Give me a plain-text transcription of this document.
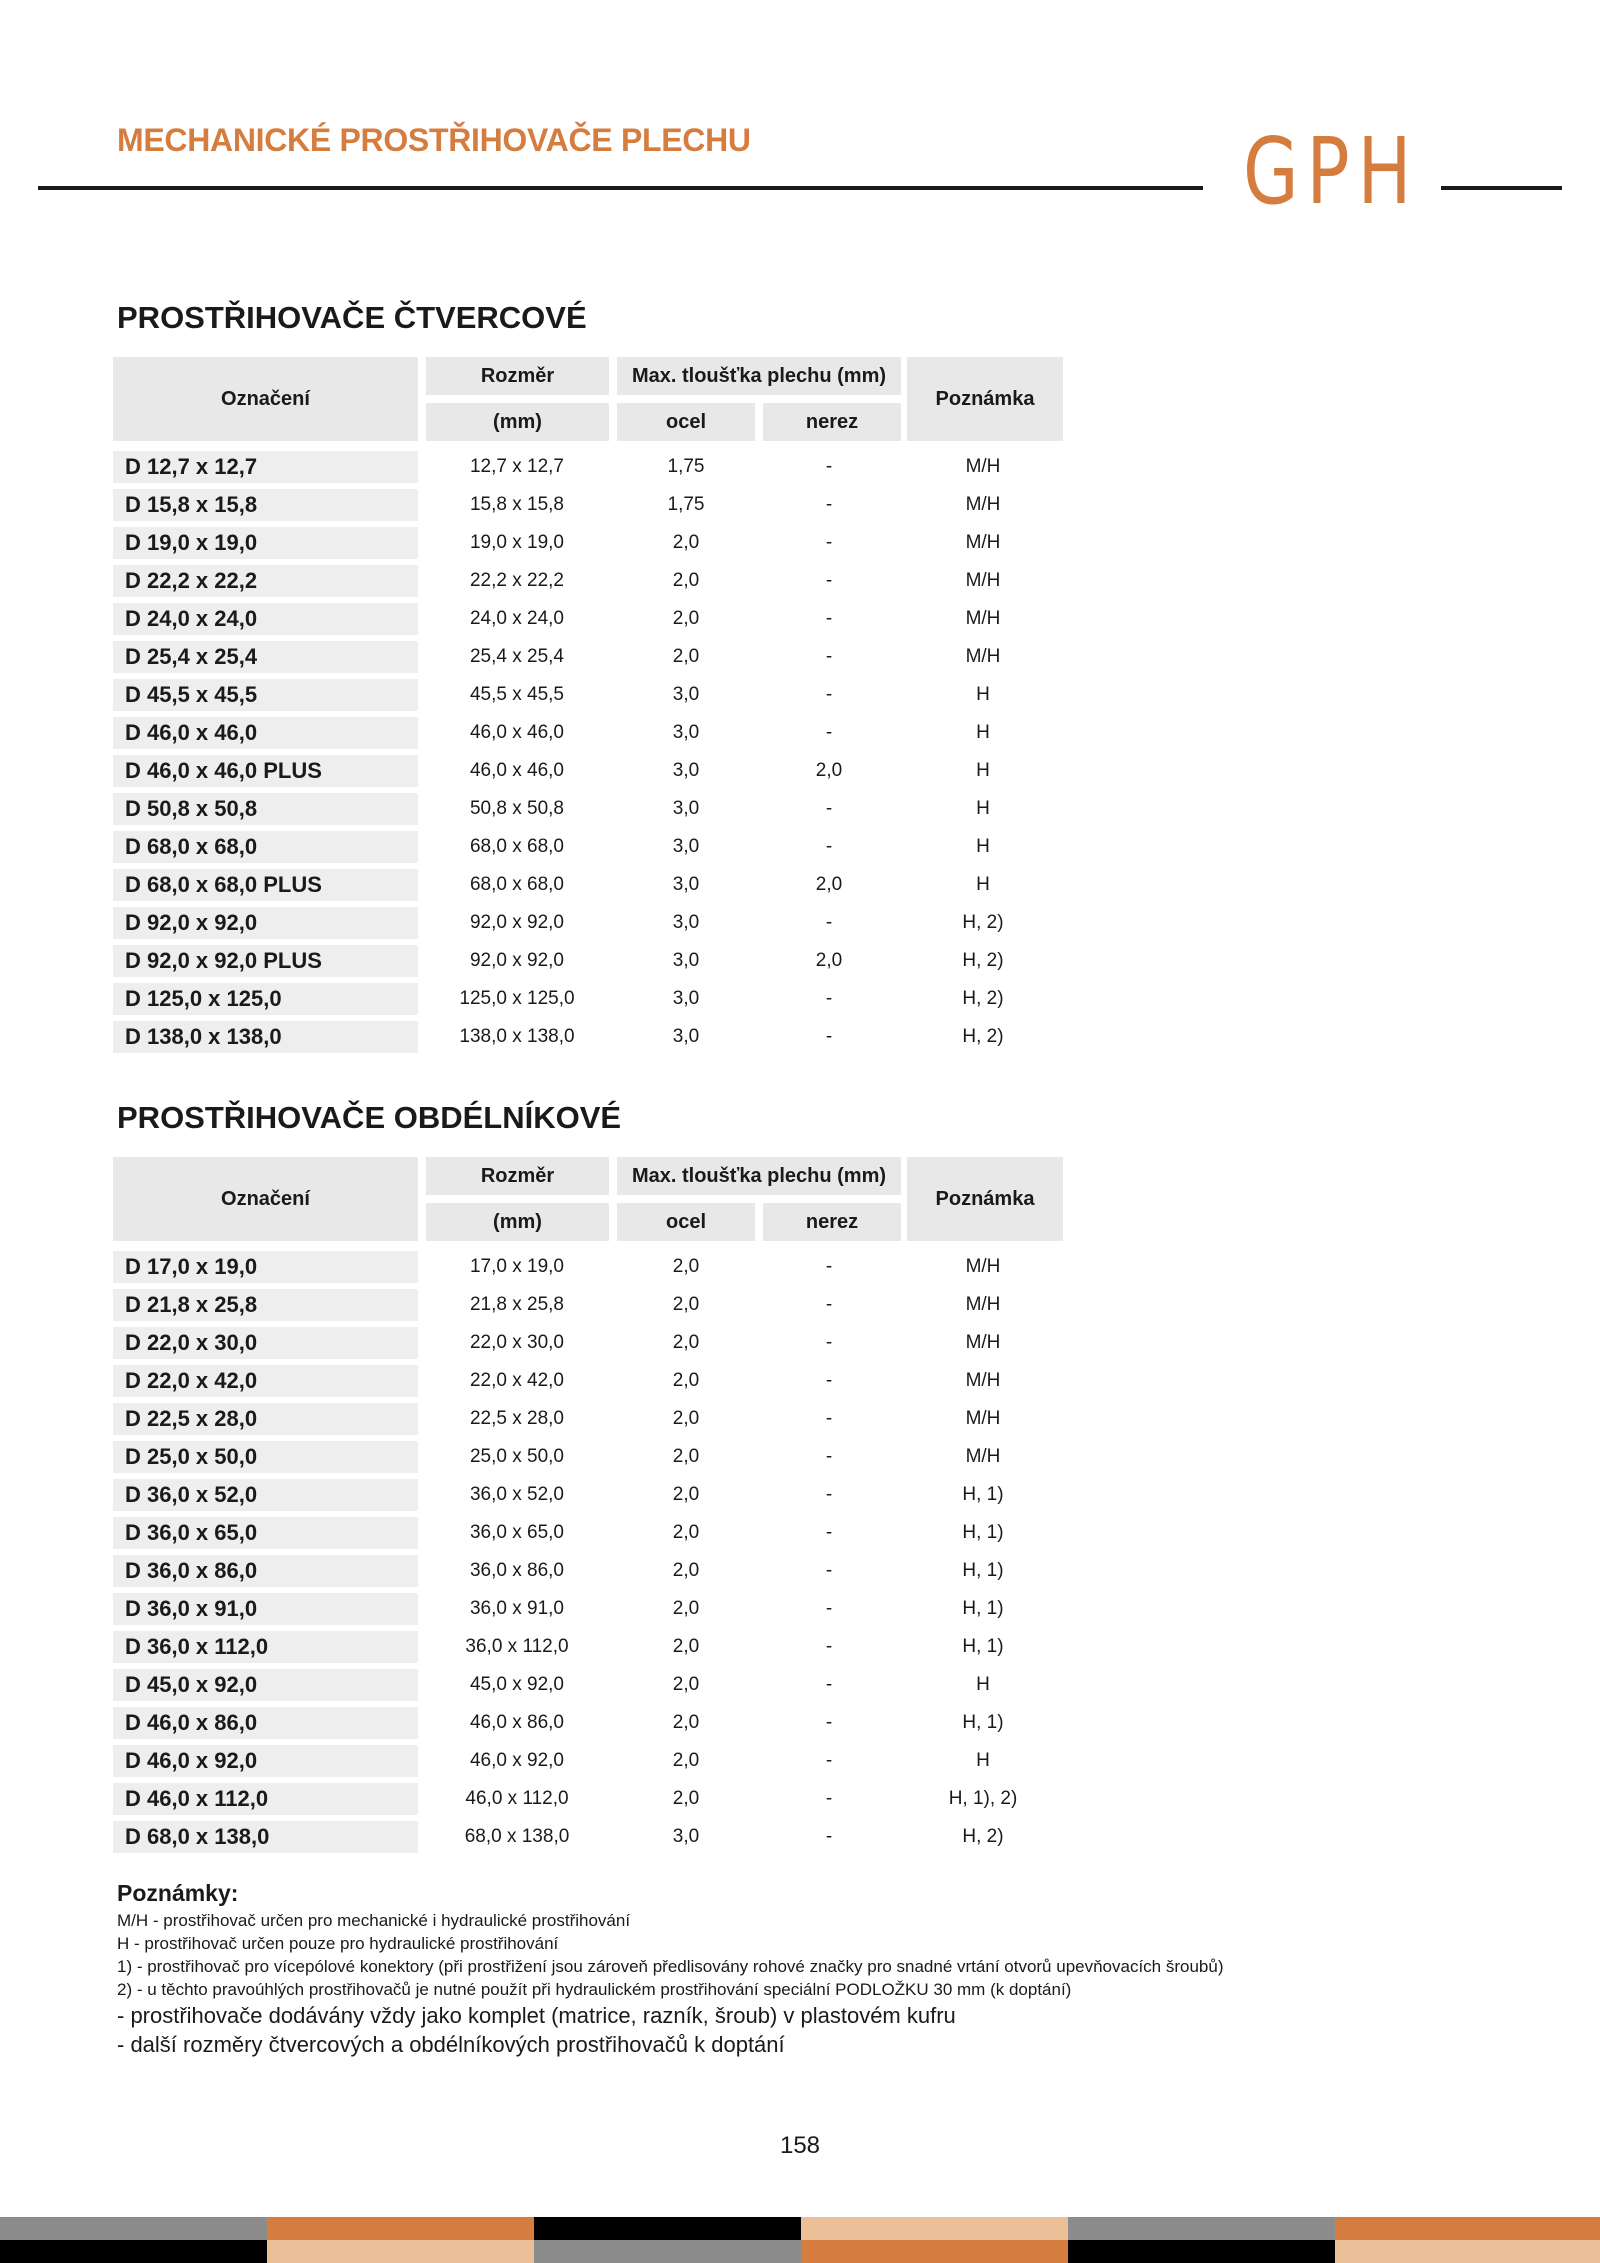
MECHANICKÉ PROSTŘIHOVAČE PLECHU	GPH
PROSTŘIHOVAČE ČTVERCOVÉ
Označení
Rozměr
(mm)
Max. tloušťka plechu (mm)
ocel	nerez
Poznámka
D 12,7 x 12,7	12,7 x 12,7	1,75	-	M/H
D 15,8 x 15,8	15,8 x 15,8	1,75	-	M/H
D 19,0 x 19,0	19,0 x 19,0	2,0	-	M/H
D 22,2 x 22,2	22,2 x 22,2	2,0	-	M/H
D 24,0 x 24,0	24,0 x 24,0	2,0	-	M/H
D 25,4 x 25,4	25,4 x 25,4	2,0	-	M/H
D 45,5 x 45,5	45,5 x 45,5	3,0	-	H
D 46,0 x 46,0	46,0 x 46,0	3,0	-	H
D 46,0 x 46,0 PLUS	46,0 x 46,0	3,0	2,0	H
D 50,8 x 50,8	50,8 x 50,8	3,0	-	H
D 68,0 x 68,0	68,0 x 68,0	3,0	-	H
D 68,0 x 68,0 PLUS	68,0 x 68,0	3,0	2,0	H
D 92,0 x 92,0	92,0 x 92,0	3,0	-	H, 2)
D 92,0 x 92,0 PLUS	92,0 x 92,0	3,0	2,0	H, 2)
D 125,0 x 125,0	125,0 x 125,0	3,0	-	H, 2)
D 138,0 x 138,0	138,0 x 138,0	3,0	-	H, 2)
PROSTŘIHOVAČE OBDÉLNÍKOVÉ
Označení
Rozměr
(mm)
Max. tloušťka plechu (mm)
ocel	nerez
Poznámka
D 17,0 x 19,0	17,0 x 19,0	2,0	-	M/H
D 21,8 x 25,8	21,8 x 25,8	2,0	-	M/H
D 22,0 x 30,0	22,0 x 30,0	2,0	-	M/H
D 22,0 x 42,0	22,0 x 42,0	2,0	-	M/H
D 22,5 x 28,0	22,5 x 28,0	2,0	-	M/H
D 25,0 x 50,0	25,0 x 50,0	2,0	-	M/H
D 36,0 x 52,0	36,0 x 52,0	2,0	-	H, 1)
D 36,0 x 65,0	36,0 x 65,0	2,0	-	H, 1)
D 36,0 x 86,0	36,0 x 86,0	2,0	-	H, 1)
D 36,0 x 91,0	36,0 x 91,0	2,0	-	H, 1)
D 36,0 x 112,0	36,0 x 112,0	2,0	-	H, 1)
D 45,0 x 92,0	45,0 x 92,0	2,0	-	H
D 46,0 x 86,0	46,0 x 86,0	2,0	-	H, 1)
D 46,0 x 92,0	46,0 x 92,0	2,0	-	H
D 46,0 x 112,0	46,0 x 112,0	2,0	-	H, 1), 2)
D 68,0 x 138,0	68,0 x 138,0	3,0	-	H, 2)
Poznámky:
M/H - prostřihovač určen pro mechanické i hydraulické prostřihování
H - prostřihovač určen pouze pro hydraulické prostřihování
1) - prostřihovač pro vícepólové konektory (při prostřižení jsou zároveň předlisovány rohové značky pro snadné vrtání otvorů upevňovacích šroubů)
2) - u těchto pravoúhlých prostřihovačů je nutné použít při hydraulickém prostřihování speciální PODLOŽKU 30 mm (k doptání)
- prostřihovače dodávány vždy jako komplet (matrice, razník, šroub) v plastovém kufru
- další rozměry čtvercových a obdélníkových prostřihovačů k doptání
158
